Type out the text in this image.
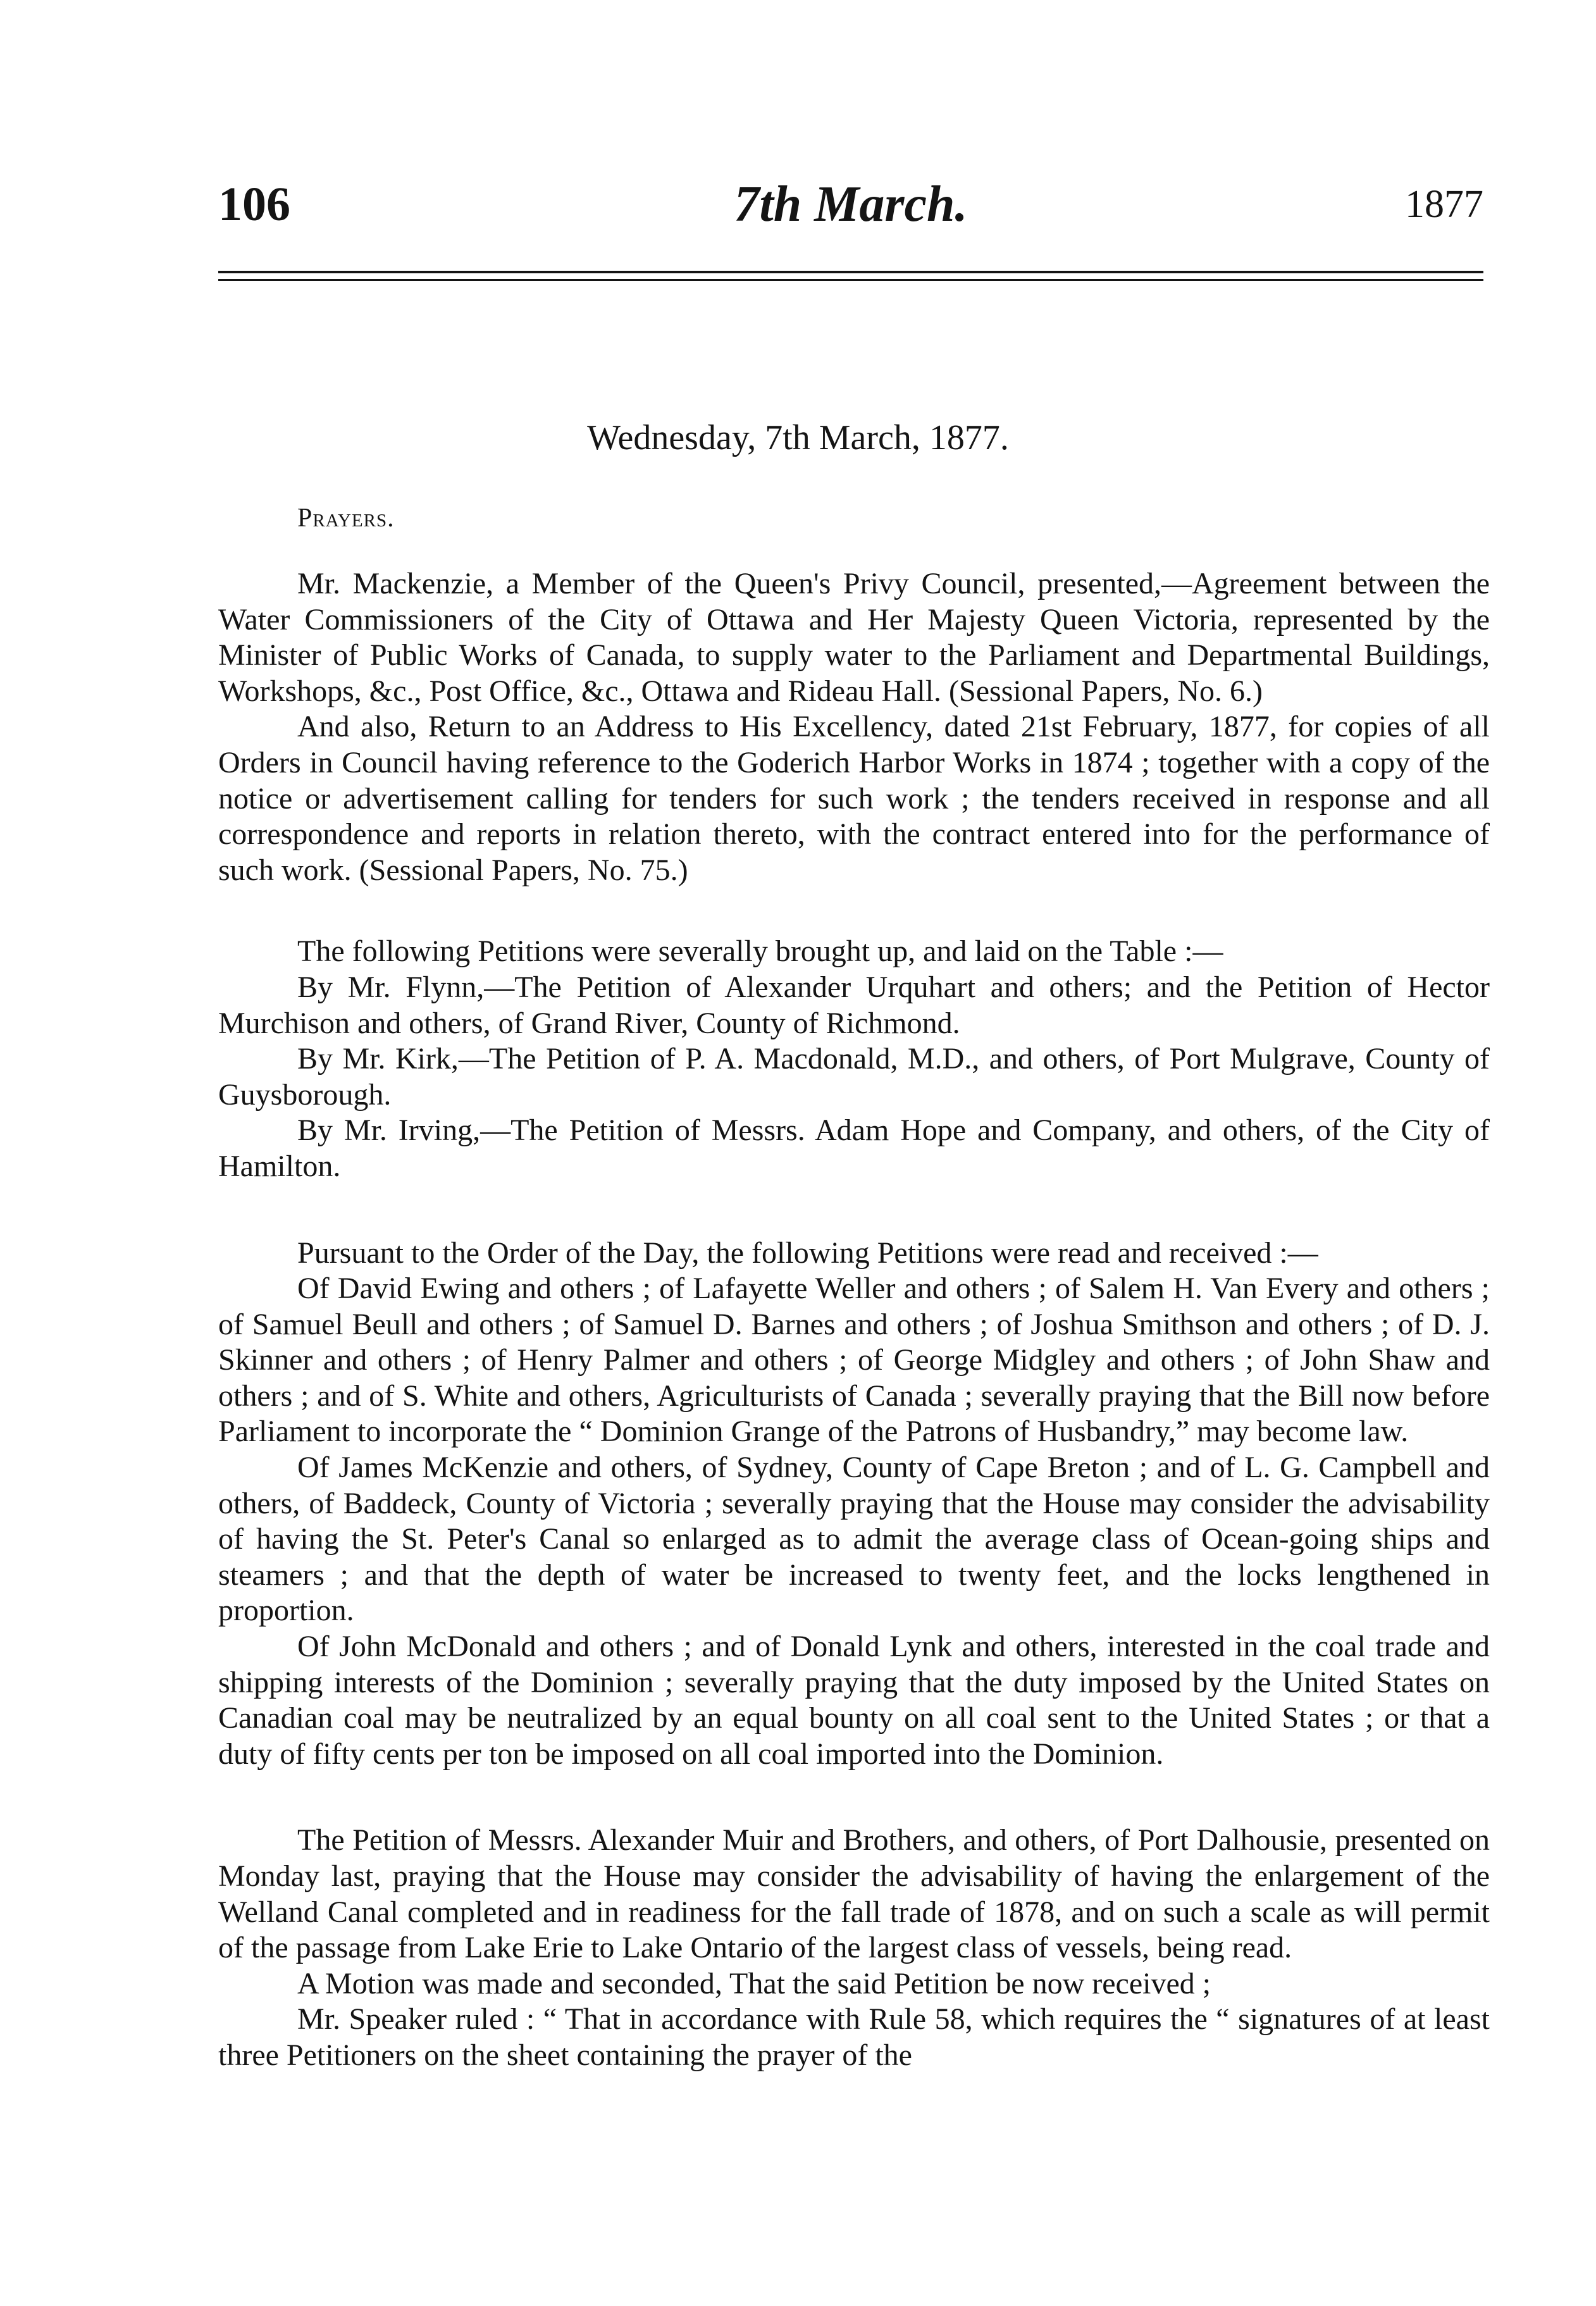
106	7th March.	1877
Wednesday, 7th March, 1877.
Prayers.

Mr. Mackenzie, a Member of the Queen's Privy Council, presented,—Agreement between the Water Commissioners of the City of Ottawa and Her Majesty Queen Victoria, represented by the Minister of Public Works of Canada, to supply water to the Parliament and Departmental Buildings, Workshops, &c., Post Office, &c., Ottawa and Rideau Hall. (Sessional Papers, No. 6.)

And also, Return to an Address to His Excellency, dated 21st February, 1877, for copies of all Orders in Council having reference to the Goderich Harbor Works in 1874 ; together with a copy of the notice or advertisement calling for tenders for such work ; the tenders received in response and all correspondence and reports in relation thereto, with the contract entered into for the performance of such work. (Sessional Papers, No. 75.)

The following Petitions were severally brought up, and laid on the Table :—

By Mr. Flynn,—The Petition of Alexander Urquhart and others; and the Petition of Hector Murchison and others, of Grand River, County of Richmond.

By Mr. Kirk,—The Petition of P. A. Macdonald, M.D., and others, of Port Mulgrave, County of Guysborough.

By Mr. Irving,—The Petition of Messrs. Adam Hope and Company, and others, of the City of Hamilton.

Pursuant to the Order of the Day, the following Petitions were read and received :—

Of David Ewing and others ; of Lafayette Weller and others ; of Salem H. Van Every and others ; of Samuel Beull and others ; of Samuel D. Barnes and others ; of Joshua Smithson and others ; of D. J. Skinner and others ; of Henry Palmer and others ; of George Midgley and others ; of John Shaw and others ; and of S. White and others, Agriculturists of Canada ; severally praying that the Bill now before Parliament to incorporate the “ Dominion Grange of the Patrons of Husbandry,” may become law.

Of James McKenzie and others, of Sydney, County of Cape Breton ; and of L. G. Campbell and others, of Baddeck, County of Victoria ; severally praying that the House may consider the advisability of having the St. Peter's Canal so enlarged as to admit the average class of Ocean-going ships and steamers ; and that the depth of water be increased to twenty feet, and the locks lengthened in proportion.

Of John McDonald and others ; and of Donald Lynk and others, interested in the coal trade and shipping interests of the Dominion ; severally praying that the duty imposed by the United States on Canadian coal may be neutralized by an equal bounty on all coal sent to the United States ; or that a duty of fifty cents per ton be imposed on all coal imported into the Dominion.

The Petition of Messrs. Alexander Muir and Brothers, and others, of Port Dalhousie, presented on Monday last, praying that the House may consider the advisability of having the enlargement of the Welland Canal completed and in readiness for the fall trade of 1878, and on such a scale as will permit of the passage from Lake Erie to Lake Ontario of the largest class of vessels, being read.

A Motion was made and seconded, That the said Petition be now received ;

Mr. Speaker ruled : “ That in accordance with Rule 58, which requires the “ signatures of at least three Petitioners on the sheet containing the prayer of the
